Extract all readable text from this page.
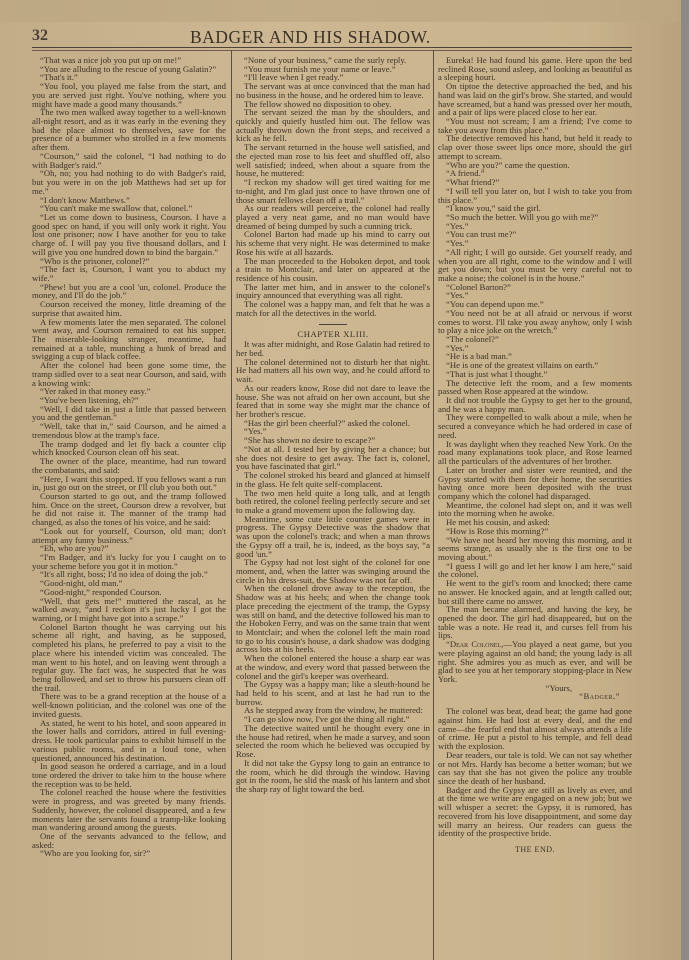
32	BADGER AND HIS SHADOW.

“That was a nice job you put up on me!”

“You are alluding to the rescue of young Galatin?”

“That's it.”

“You fool, you played me false from the start, and you are served just right. You've nothing, where you might have made a good many thousands.”

The two men walked away together to a well-known all-night resort, and as it was early in the evening they had the place almost to themselves, save for the presence of a bummer who strolled in a few moments after them.

“Courson,” said the colonel, “I had nothing to do with Badger's raid.”

“Oh, no; you had nothing to do with Badger's raid, but you were in on the job Matthews had set up for me.”

“I don't know Matthews.”

“You can't make me swallow that, colonel.”

“Let us come down to business, Courson. I have a good spec on hand, if you will only work it right. You lost one prisoner; now I have another for you to take charge of. I will pay you five thousand dollars, and I will give you one hundred down to bind the bargain.”

“Who is the prisoner, colonel?”

“The fact is, Courson, I want you to abduct my wife.”

“Phew! but you are a cool 'un, colonel. Produce the money, and I'll do the job.”

Courson received the money, little dreaming of the surprise that awaited him.

A few moments later the men separated. The colonel went away, and Courson remained to eat his supper. The miserable-looking stranger, meantime, had remained at a table, munching a hunk of bread and swigging a cup of black coffee.

After the colonel had been gone some time, the tramp sidled over to a seat near Courson, and said, with a knowing wink:

“Yer raked in that money easy.”

“You've been listening, eh?”

“Well, I did take in just a little that passed between you and the gentleman.”

“Well, take that in,” said Courson, and he aimed a tremendous blow at the tramp's face.

The tramp dodged and let fly back a counter clip which knocked Courson clean off his seat.

The owner of the place, meantime, had run toward the combatants, and said:

“Here, I want this stopped. If you fellows want a run in, just go out on the street, or I'll club you both out.”

Courson started to go out, and the tramp followed him. Once on the street, Courson drew a revolver, but he did not raise it. The manner of the tramp had changed, as also the tones of his voice, and he said:

“Look out for yourself, Courson, old man; don't attempt any funny business.”

“Eh, who are you?”

“I'm Badger, and it's lucky for you I caught on to your scheme before you got it in motion.”

“It's all right, boss; I'd no idea of doing the job.”

“Good-night, old man.”

“Good-night,” responded Courson.

“Well, that gets me!” muttered the rascal, as he walked away, “and I reckon it's just lucky I got the warning, or I might have got into a scrape.”

Colonel Barton thought he was carrying out his scheme all right, and having, as he supposed, completed his plans, he preferred to pay a visit to the place where his intended victim was concealed. The man went to his hotel, and on leaving went through a regular guy. The fact was, he suspected that he was being followed, and set to throw his pursuers clean off the trail.

There was to be a grand reception at the house of a well-known politician, and the colonel was one of the invited guests.

As stated, he went to his hotel, and soon appeared in the lower halls and corridors, attired in full evening-dress. He took particular pains to exhibit himself in the various public rooms, and in a loud tone, when questioned, announced his destination.

In good season he ordered a carriage, and in a loud tone ordered the driver to take him to the house where the reception was to be held.

The colonel reached the house where the festivities were in progress, and was greeted by many friends. Suddenly, however, the colonel disappeared, and a few moments later the servants found a tramp-like looking man wandering around among the guests.

One of the servants advanced to the fellow, and asked:

“Who are you looking for, sir?”

“None of your business,” came the surly reply.

“You must furnish me your name or leave.”

“I'll leave when I get ready.”

The servant was at once convinced that the man had no business in the house, and he ordered him to leave.

The fellow showed no disposition to obey.

The servant seized the man by the shoulders, and quickly and quietly hustled him out. The fellow was actually thrown down the front steps, and received a kick as he fell.

The servant returned in the house well satisfied, and the ejected man rose to his feet and shuffled off, also well satisfied; indeed, when about a square from the house, he muttered:

“I reckon my shadow will get tired waiting for me to-night, and I'm glad just once to have thrown one of those smart fellows clean off a trail.”

As our readers will perceive, the colonel had really played a very neat game, and no man would have dreamed of being dumped by such a cunning trick.

Colonel Barton had made up his mind to carry out his scheme that very night. He was determined to make Rose his wife at all hazards.

The man proceeded to the Hoboken depot, and took a train to Montclair, and later on appeared at the residence of his cousin.

The latter met him, and in answer to the colonel's inquiry announced that everything was all right.

The colonel was a happy man, and felt that he was a match for all the detectives in the world.

CHAPTER XLIII.

It was after midnight, and Rose Galatin had retired to her bed.

The colonel determined not to disturb her that night. He had matters all his own way, and he could afford to wait.

As our readers know, Rose did not dare to leave the house. She was not afraid on her own account, but she feared that in some way she might mar the chance of her brother's rescue.

“Has the girl been cheerful?” asked the colonel.

“Yes.”

“She has shown no desire to escape?”

“Not at all. I tested her by giving her a chance; but she does not desire to get away. The fact is, colonel, you have fascinated that girl.”

The colonel stroked his beard and glanced at himself in the glass. He felt quite self-complacent.

The two men held quite a long talk, and at length both retired, the colonel feeling perfectly secure and set to make a grand movement upon the following day.

Meantime, some cute little counter games were in progress. The Gypsy Detective was the shadow that was upon the colonel's track; and when a man throws the Gypsy off a trail, he is, indeed, as the boys say, “a good 'un.”

The Gypsy had not lost sight of the colonel for one moment, and, when the latter was swinging around the circle in his dress-suit, the Shadow was not far off.

When the colonel drove away to the reception, the Shadow was at his heels; and when the change took place preceding the ejectment of the tramp, the Gypsy was still on hand, and the detective followed his man to the Hoboken Ferry, and was on the same train that went to Montclair; and when the colonel left the main road to go to his cousin's house, a dark shadow was dodging across lots at his heels.

When the colonel entered the house a sharp ear was at the window, and every word that passed between the colonel and the girl's keeper was overheard.

The Gypsy was a happy man; like a sleuth-hound he had held to his scent, and at last he had run to the burrow.

As he stepped away from the window, he muttered:

“I can go slow now, I've got the thing all right.”

The detective waited until he thought every one in the house had retired, when he made a survey, and soon selected the room which he believed was occupied by Rose.

It did not take the Gypsy long to gain an entrance to the room, which he did through the window. Having got in the room, he slid the mask of his lantern and shot the sharp ray of light toward the bed.

Eureka! He had found his game. Here upon the bed reclined Rose, sound asleep, and looking as beautiful as a sleeping houri.

On tiptoe the detective approached the bed, and his hand was laid on the girl's brow. She started, and would have screamed, but a hand was pressed over her mouth, and a pair of lips were placed close to her ear.

“You must not scream; I am a friend; I've come to take you away from this place.”

The detective removed his hand, but held it ready to clap over those sweet lips once more, should the girl attempt to scream.

“Who are you?” came the question.

“A friend.”

“What friend?”

“I will tell you later on, but I wish to take you from this place.”

“I know you,” said the girl.

“So much the better. Will you go with me?”

“Yes.”

“You can trust me?”

“Yes.”

“All right; I will go outside. Get yourself ready, and when you are all right, come to the window and I will get you down; but you must be very careful not to make a noise; the colonel is in the house.”

“Colonel Barton?”

“Yes.”

“You can depend upon me.”

“You need not be at all afraid or nervous if worst comes to worst. I'll take you away anyhow, only I wish to play a nice joke on the wretch.”

“The colonel?”

“Yes.”

“He is a bad man.”

“He is one of the greatest villains on earth.”

“That is just what I thought.”

The detective left the room, and a few moments passed when Rose appeared at the window.

It did not trouble the Gypsy to get her to the ground, and he was a happy man.

They were compelled to walk about a mile, when he secured a conveyance which he had ordered in case of need.

It was daylight when they reached New York. On the road many explanations took place, and Rose learned all the particulars of the adventures of her brother.

Later on brother and sister were reunited, and the Gypsy started with them for their home, the securities having once more been deposited with the trust company which the colonel had disparaged.

Meantime, the colonel had slept on, and it was well into the morning when he awoke.

He met his cousin, and asked:

“How is Rose this morning?”

“We have not heard her moving this morning, and it seems strange, as usually she is the first one to be moving about.”

“I guess I will go and let her know I am here,” said the colonel.

He went to the girl's room and knocked; there came no answer. He knocked again, and at length called out; but still there came no answer.

The man became alarmed, and having the key, he opened the door. The girl had disappeared, but on the table was a note. He read it, and curses fell from his lips.

“Dear Colonel,—You played a neat game, but you were playing against an old hand; the young lady is all right. She admires you as much as ever, and will be glad to see you at her temporary stopping-place in New York.

“Yours,
“Badger.”

The colonel was beat, dead beat; the game had gone against him. He had lost at every deal, and the end came—the fearful end that almost always attends a life of crime. He put a pistol to his temple, and fell dead with the explosion.

Dear readers, our tale is told. We can not say whether or not Mrs. Hardy has become a better woman; but we can say that she has not given the police any trouble since the death of her husband.

Badger and the Gypsy are still as lively as ever, and at the time we write are engaged on a new job; but we will whisper a secret: the Gypsy, it is rumored, has recovered from his love disappointment, and some day will marry an heiress. Our readers can guess the identity of the prospective bride.

THE END.
